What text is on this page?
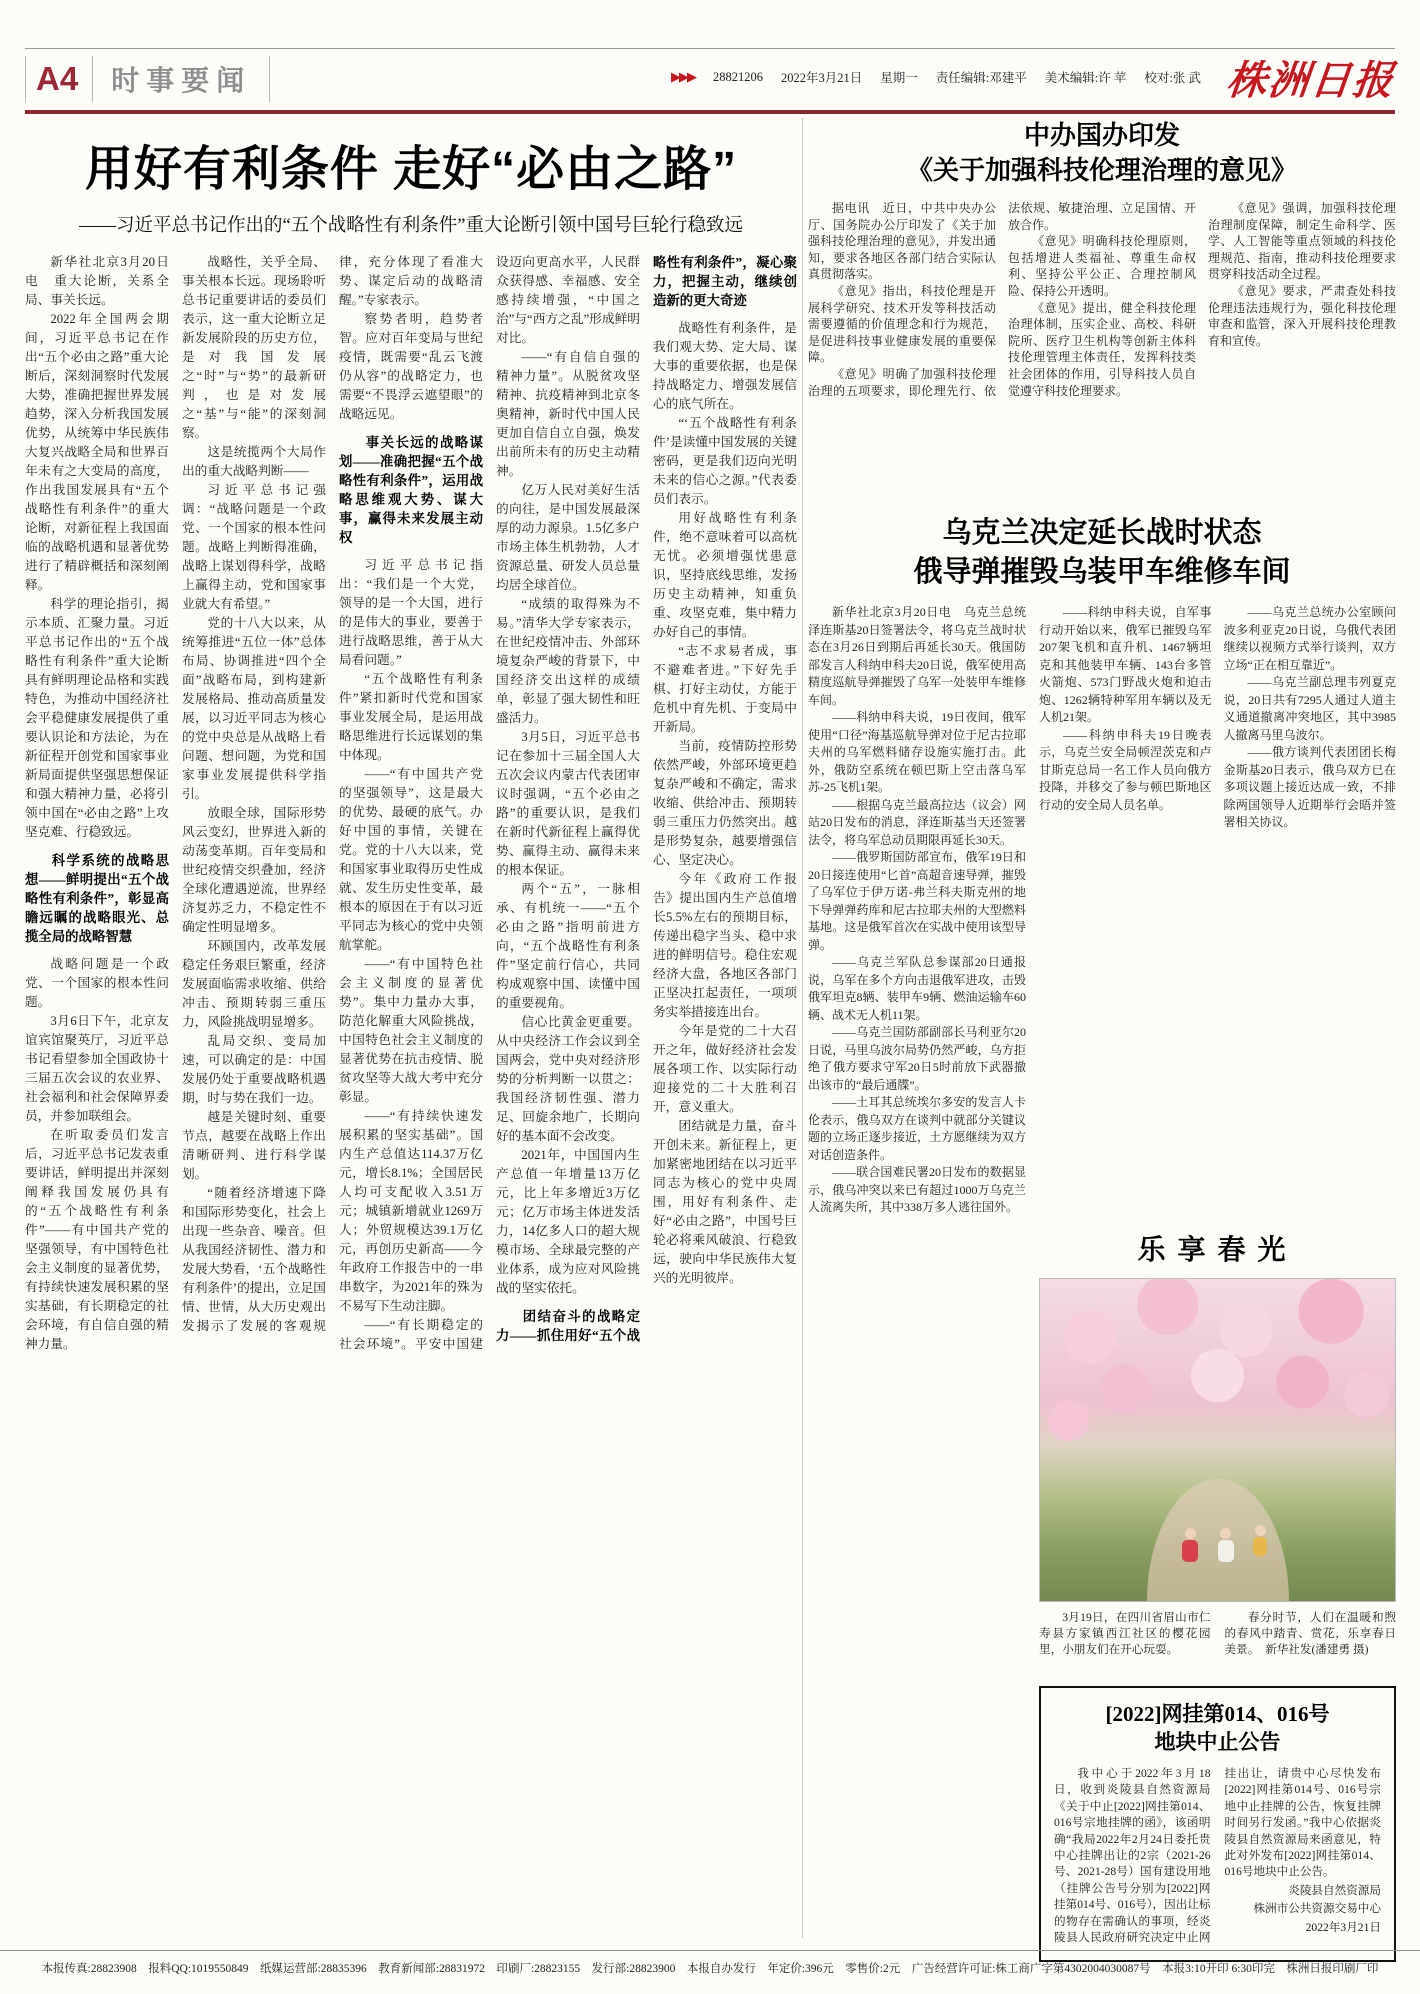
A4	时事要闻	▶▶▶ 28821206 2022年3月21日 星期一 责任编辑:邓建平 美术编辑:许 苹 校对:张 武 株洲日报
用好有利条件 走好“必由之路”
——习近平总书记作出的“五个战略性有利条件”重大论断引领中国号巨轮行稳致远

新华社北京3月20日电　重大论断，关系全局、事关长远。

2022年全国两会期间，习近平总书记在作出“五个必由之路”重大论断后，深刻洞察时代发展大势，准确把握世界发展趋势，深入分析我国发展优势，从统筹中华民族伟大复兴战略全局和世界百年未有之大变局的高度，作出我国发展具有“五个战略性有利条件”的重大论断，对新征程上我国面临的战略机遇和显著优势进行了精辟概括和深刻阐释。

科学的理论指引，揭示本质、汇聚力量。习近平总书记作出的“五个战略性有利条件”重大论断具有鲜明理论品格和实践特色，为推动中国经济社会平稳健康发展提供了重要认识论和方法论，为在新征程开创党和国家事业新局面提供坚强思想保证和强大精神力量，必将引领中国在“必由之路”上攻坚克难、行稳致远。

科学系统的战略思想——鲜明提出“五个战略性有利条件”，彰显高瞻远瞩的战略眼光、总揽全局的战略智慧

战略问题是一个政党、一个国家的根本性问题。

3月6日下午，北京友谊宾馆聚英厅，习近平总书记看望参加全国政协十三届五次会议的农业界、社会福利和社会保障界委员，并参加联组会。

在听取委员们发言后，习近平总书记发表重要讲话，鲜明提出并深刻阐释我国发展仍具有的“五个战略性有利条件”——有中国共产党的坚强领导，有中国特色社会主义制度的显著优势，有持续快速发展积累的坚实基础，有长期稳定的社会环境，有自信自强的精神力量。

战略性，关乎全局、事关根本长远。现场聆听总书记重要讲话的委员们表示，这一重大论断立足新发展阶段的历史方位，是对我国发展之“时”与“势”的最新研判，也是对发展之“基”与“能”的深刻洞察。

这是统揽两个大局作出的重大战略判断——

习近平总书记强调：“战略问题是一个政党、一个国家的根本性问题。战略上判断得准确，战略上谋划得科学，战略上赢得主动，党和国家事业就大有希望。”

党的十八大以来，从统筹推进“五位一体”总体布局、协调推进“四个全面”战略布局，到构建新发展格局、推动高质量发展，以习近平同志为核心的党中央总是从战略上看问题、想问题，为党和国家事业发展提供科学指引。

放眼全球，国际形势风云变幻，世界进入新的动荡变革期。百年变局和世纪疫情交织叠加，经济全球化遭遇逆流，世界经济复苏乏力，不稳定性不确定性明显增多。

环顾国内，改革发展稳定任务艰巨繁重，经济发展面临需求收缩、供给冲击、预期转弱三重压力，风险挑战明显增多。

乱局交织、变局加速，可以确定的是：中国发展仍处于重要战略机遇期，时与势在我们一边。

越是关键时刻、重要节点，越要在战略上作出清晰研判、进行科学谋划。

“随着经济增速下降和国际形势变化，社会上出现一些杂音、噪音。但从我国经济韧性、潜力和发展大势看，‘五个战略性有利条件’的提出，立足国情、世情，从大历史观出发揭示了发展的客观规律，充分体现了看准大势、谋定后动的战略清醒。”专家表示。

察势者明，趋势者智。应对百年变局与世纪疫情，既需要“乱云飞渡仍从容”的战略定力，也需要“不畏浮云遮望眼”的战略远见。

事关长远的战略谋划——准确把握“五个战略性有利条件”，运用战略思维观大势、谋大事，赢得未来发展主动权

习近平总书记指出：“我们是一个大党，领导的是一个大国，进行的是伟大的事业，要善于进行战略思维，善于从大局看问题。”

“五个战略性有利条件”紧扣新时代党和国家事业发展全局，是运用战略思维进行长远谋划的集中体现。

——“有中国共产党的坚强领导”，这是最大的优势、最硬的底气。办好中国的事情，关键在党。党的十八大以来，党和国家事业取得历史性成就、发生历史性变革，最根本的原因在于有以习近平同志为核心的党中央领航掌舵。

——“有中国特色社会主义制度的显著优势”。集中力量办大事，防范化解重大风险挑战，中国特色社会主义制度的显著优势在抗击疫情、脱贫攻坚等大战大考中充分彰显。

——“有持续快速发展积累的坚实基础”。国内生产总值达114.37万亿元，增长8.1%；全国居民人均可支配收入3.51万元；城镇新增就业1269万人；外贸规模达39.1万亿元，再创历史新高——今年政府工作报告中的一串串数字，为2021年的殊为不易写下生动注脚。

——“有长期稳定的社会环境”。平安中国建设迈向更高水平，人民群众获得感、幸福感、安全感持续增强，“中国之治”与“西方之乱”形成鲜明对比。

——“有自信自强的精神力量”。从脱贫攻坚精神、抗疫精神到北京冬奥精神，新时代中国人民更加自信自立自强，焕发出前所未有的历史主动精神。

亿万人民对美好生活的向往，是中国发展最深厚的动力源泉。1.5亿多户市场主体生机勃勃，人才资源总量、研发人员总量均居全球首位。

“成绩的取得殊为不易。”清华大学专家表示，在世纪疫情冲击、外部环境复杂严峻的背景下，中国经济交出这样的成绩单，彰显了强大韧性和旺盛活力。

3月5日，习近平总书记在参加十三届全国人大五次会议内蒙古代表团审议时强调，“五个必由之路”的重要认识，是我们在新时代新征程上赢得优势、赢得主动、赢得未来的根本保证。

两个“五”，一脉相承、有机统一——“五个必由之路”指明前进方向，“五个战略性有利条件”坚定前行信心，共同构成观察中国、读懂中国的重要视角。

信心比黄金更重要。从中央经济工作会议到全国两会，党中央对经济形势的分析判断一以贯之：我国经济韧性强、潜力足、回旋余地广，长期向好的基本面不会改变。

2021年，中国国内生产总值一年增量13万亿元，比上年多增近3万亿元；亿万市场主体迸发活力，14亿多人口的超大规模市场、全球最完整的产业体系，成为应对风险挑战的坚实依托。

团结奋斗的战略定力——抓住用好“五个战略性有利条件”，凝心聚力，把握主动，继续创造新的更大奇迹

战略性有利条件，是我们观大势、定大局、谋大事的重要依据，也是保持战略定力、增强发展信心的底气所在。

“‘五个战略性有利条件’是读懂中国发展的关键密码，更是我们迈向光明未来的信心之源。”代表委员们表示。

用好战略性有利条件，绝不意味着可以高枕无忧。必须增强忧患意识，坚持底线思维，发扬历史主动精神，知重负重、攻坚克难，集中精力办好自己的事情。

“志不求易者成，事不避难者进。”下好先手棋、打好主动仗，方能于危机中育先机、于变局中开新局。

当前，疫情防控形势依然严峻，外部环境更趋复杂严峻和不确定，需求收缩、供给冲击、预期转弱三重压力仍然突出。越是形势复杂，越要增强信心、坚定决心。

今年《政府工作报告》提出国内生产总值增长5.5%左右的预期目标，传递出稳字当头、稳中求进的鲜明信号。稳住宏观经济大盘，各地区各部门正坚决扛起责任，一项项务实举措接连出台。

今年是党的二十大召开之年，做好经济社会发展各项工作、以实际行动迎接党的二十大胜利召开，意义重大。

团结就是力量，奋斗开创未来。新征程上，更加紧密地团结在以习近平同志为核心的党中央周围，用好有利条件、走好“必由之路”，中国号巨轮必将乘风破浪、行稳致远，驶向中华民族伟大复兴的光明彼岸。

中办国办印发
《关于加强科技伦理治理的意见》

据电讯　近日，中共中央办公厅、国务院办公厅印发了《关于加强科技伦理治理的意见》，并发出通知，要求各地区各部门结合实际认真贯彻落实。

《意见》指出，科技伦理是开展科学研究、技术开发等科技活动需要遵循的价值理念和行为规范，是促进科技事业健康发展的重要保障。

《意见》明确了加强科技伦理治理的五项要求，即伦理先行、依法依规、敏捷治理、立足国情、开放合作。

《意见》明确科技伦理原则，包括增进人类福祉、尊重生命权利、坚持公平公正、合理控制风险、保持公开透明。

《意见》提出，健全科技伦理治理体制，压实企业、高校、科研院所、医疗卫生机构等创新主体科技伦理管理主体责任，发挥科技类社会团体的作用，引导科技人员自觉遵守科技伦理要求。

《意见》强调，加强科技伦理治理制度保障，制定生命科学、医学、人工智能等重点领域的科技伦理规范、指南，推动科技伦理要求贯穿科技活动全过程。

《意见》要求，严肃查处科技伦理违法违规行为，强化科技伦理审查和监管，深入开展科技伦理教育和宣传。

乌克兰决定延长战时状态
俄导弹摧毁乌装甲车维修车间

新华社北京3月20日电　乌克兰总统泽连斯基20日签署法令，将乌克兰战时状态在3月26日到期后再延长30天。俄国防部发言人科纳申科夫20日说，俄军使用高精度巡航导弹摧毁了乌军一处装甲车维修车间。

——科纳申科夫说，19日夜间，俄军使用“口径”海基巡航导弹对位于尼古拉耶夫州的乌军燃料储存设施实施打击。此外，俄防空系统在顿巴斯上空击落乌军苏-25飞机1架。

——根据乌克兰最高拉达（议会）网站20日发布的消息，泽连斯基当天还签署法令，将乌军总动员期限再延长30天。

——俄罗斯国防部宣布，俄军19日和20日接连使用“匕首”高超音速导弹，摧毁了乌军位于伊万诺-弗兰科夫斯克州的地下导弹弹药库和尼古拉耶夫州的大型燃料基地。这是俄军首次在实战中使用该型导弹。

——乌克兰军队总参谋部20日通报说，乌军在多个方向击退俄军进攻，击毁俄军坦克8辆、装甲车9辆、燃油运输车60辆、战术无人机11架。

——乌克兰国防部副部长马利亚尔20日说，马里乌波尔局势仍然严峻，乌方拒绝了俄方要求守军20日5时前放下武器撤出该市的“最后通牒”。

——土耳其总统埃尔多安的发言人卡伦表示，俄乌双方在谈判中就部分关键议题的立场正逐步接近，土方愿继续为双方对话创造条件。

——联合国难民署20日发布的数据显示，俄乌冲突以来已有超过1000万乌克兰人流离失所，其中338万多人逃往国外。

——科纳申科夫说，自军事行动开始以来，俄军已摧毁乌军207架飞机和直升机、1467辆坦克和其他装甲车辆、143台多管火箭炮、573门野战火炮和迫击炮、1262辆特种军用车辆以及无人机21架。

——科纳申科夫19日晚表示，乌克兰安全局顿涅茨克和卢甘斯克总局一名工作人员向俄方投降，并移交了参与顿巴斯地区行动的安全局人员名单。

——乌克兰总统办公室顾问波多利亚克20日说，乌俄代表团继续以视频方式举行谈判，双方立场“正在相互靠近”。

——乌克兰副总理韦列夏克说，20日共有7295人通过人道主义通道撤离冲突地区，其中3985人撤离马里乌波尔。

——俄方谈判代表团团长梅金斯基20日表示，俄乌双方已在多项议题上接近达成一致，不排除两国领导人近期举行会晤并签署相关协议。

乐享春光

3月19日，在四川省眉山市仁寿县方家镇西江社区的樱花园里，小朋友们在开心玩耍。

春分时节，人们在温暖和煦的春风中踏青、赏花，乐享春日美景。　新华社发(潘建勇 摄)

[2022]网挂第014、016号
地块中止公告

我中心于2022年3月18日，收到炎陵县自然资源局《关于中止[2022]网挂第014、016号宗地挂牌的函》，该函明确“我局2022年2月24日委托贵中心挂牌出让的2宗（2021-26号、2021-28号）国有建设用地（挂牌公告号分别为[2022]网挂第014号、016号），因出让标的物存在需确认的事项，经炎陵县人民政府研究决定中止网挂出让，请贵中心尽快发布[2022]网挂第014号、016号宗地中止挂牌的公告，恢复挂牌时间另行发函。”我中心依据炎陵县自然资源局来函意见，特此对外发布[2022]网挂第014、016号地块中止公告。

炎陵县自然资源局

株洲市公共资源交易中心

2022年3月21日

本报传真:28823908　报料QQ:1019550849　纸媒运营部:28835396　教育新闻部:28831972　印刷厂:28823155　发行部:28823900　本报自办发行　年定价:396元　零售价:2元　广告经营许可证:株工商广字第4302004030087号　本报3:10开印 6:30印完　株洲日报印刷厂印
